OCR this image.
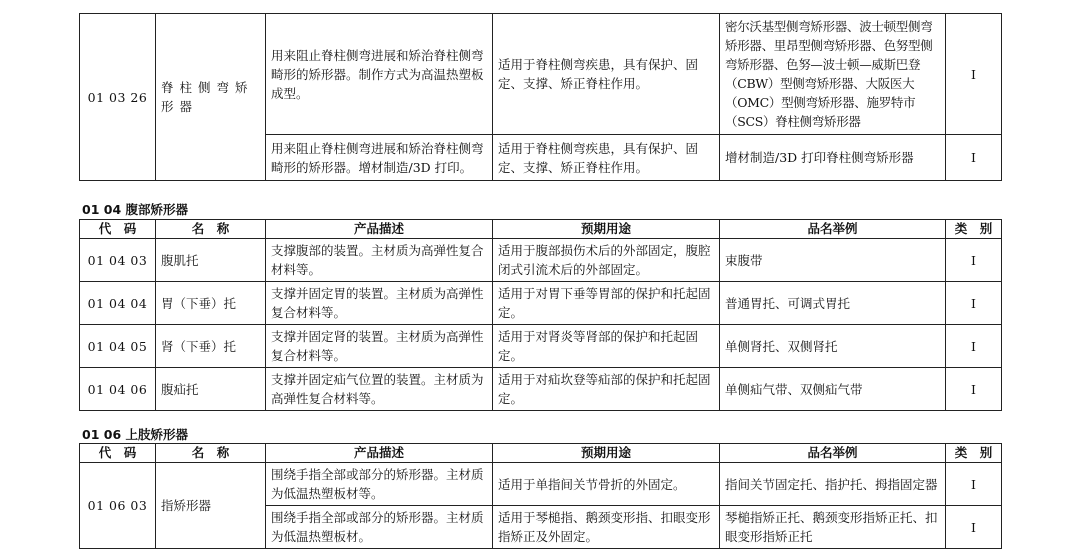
01 03 26	脊柱侧弯矫形器	用来阻止脊柱侧弯进展和矫治脊柱侧弯畸形的矫形器。制作方式为高温热塑板成型。	适用于脊柱侧弯疾患，具有保护、固定、支撑、矫正脊柱作用。	密尔沃基型侧弯矫形器、波士顿型侧弯矫形器、里昂型侧弯矫形器、色努型侧弯矫形器、色努—波士顿—威斯巴登（CBW）型侧弯矫形器、大阪医大（OMC）型侧弯矫形器、施罗特市（SCS）脊柱侧弯矫形器	Ⅰ
		用来阻止脊柱侧弯进展和矫治脊柱侧弯畸形的矫形器。增材制造/3D 打印。	适用于脊柱侧弯疾患，具有保护、固定、支撑、矫正脊柱作用。	增材制造/3D 打印脊柱侧弯矫形器	Ⅰ
01 04 腹部矫形器
代　码	名　称	产品描述	预期用途	品名举例	类　别
01 04 03	腹肌托	支撑腹部的装置。主材质为高弹性复合材料等。	适用于腹部损伤术后的外部固定，腹腔闭式引流术后的外部固定。	束腹带	Ⅰ
01 04 04	胃（下垂）托	支撑并固定胃的装置。主材质为高弹性复合材料等。	适用于对胃下垂等胃部的保护和托起固定。	普通胃托、可调式胃托	Ⅰ
01 04 05	肾（下垂）托	支撑并固定肾的装置。主材质为高弹性复合材料等。	适用于对肾炎等肾部的保护和托起固定。	单侧肾托、双侧肾托	Ⅰ
01 04 06	腹疝托	支撑并固定疝气位置的装置。主材质为高弹性复合材料等。	适用于对疝坎登等疝部的保护和托起固定。	单侧疝气带、双侧疝气带	Ⅰ
01 06 上肢矫形器
代　码	名　称	产品描述	预期用途	品名举例	类　别
01 06 03	指矫形器	围绕手指全部或部分的矫形器。主材质为低温热塑板材等。	适用于单指间关节骨折的外固定。	指间关节固定托、指护托、拇指固定器	Ⅰ
		围绕手指全部或部分的矫形器。主材质为低温热塑板材。	适用于琴槌指、鹅颈变形指、扣眼变形指矫正及外固定。	琴槌指矫正托、鹅颈变形指矫正托、扣眼变形指矫正托	Ⅰ
